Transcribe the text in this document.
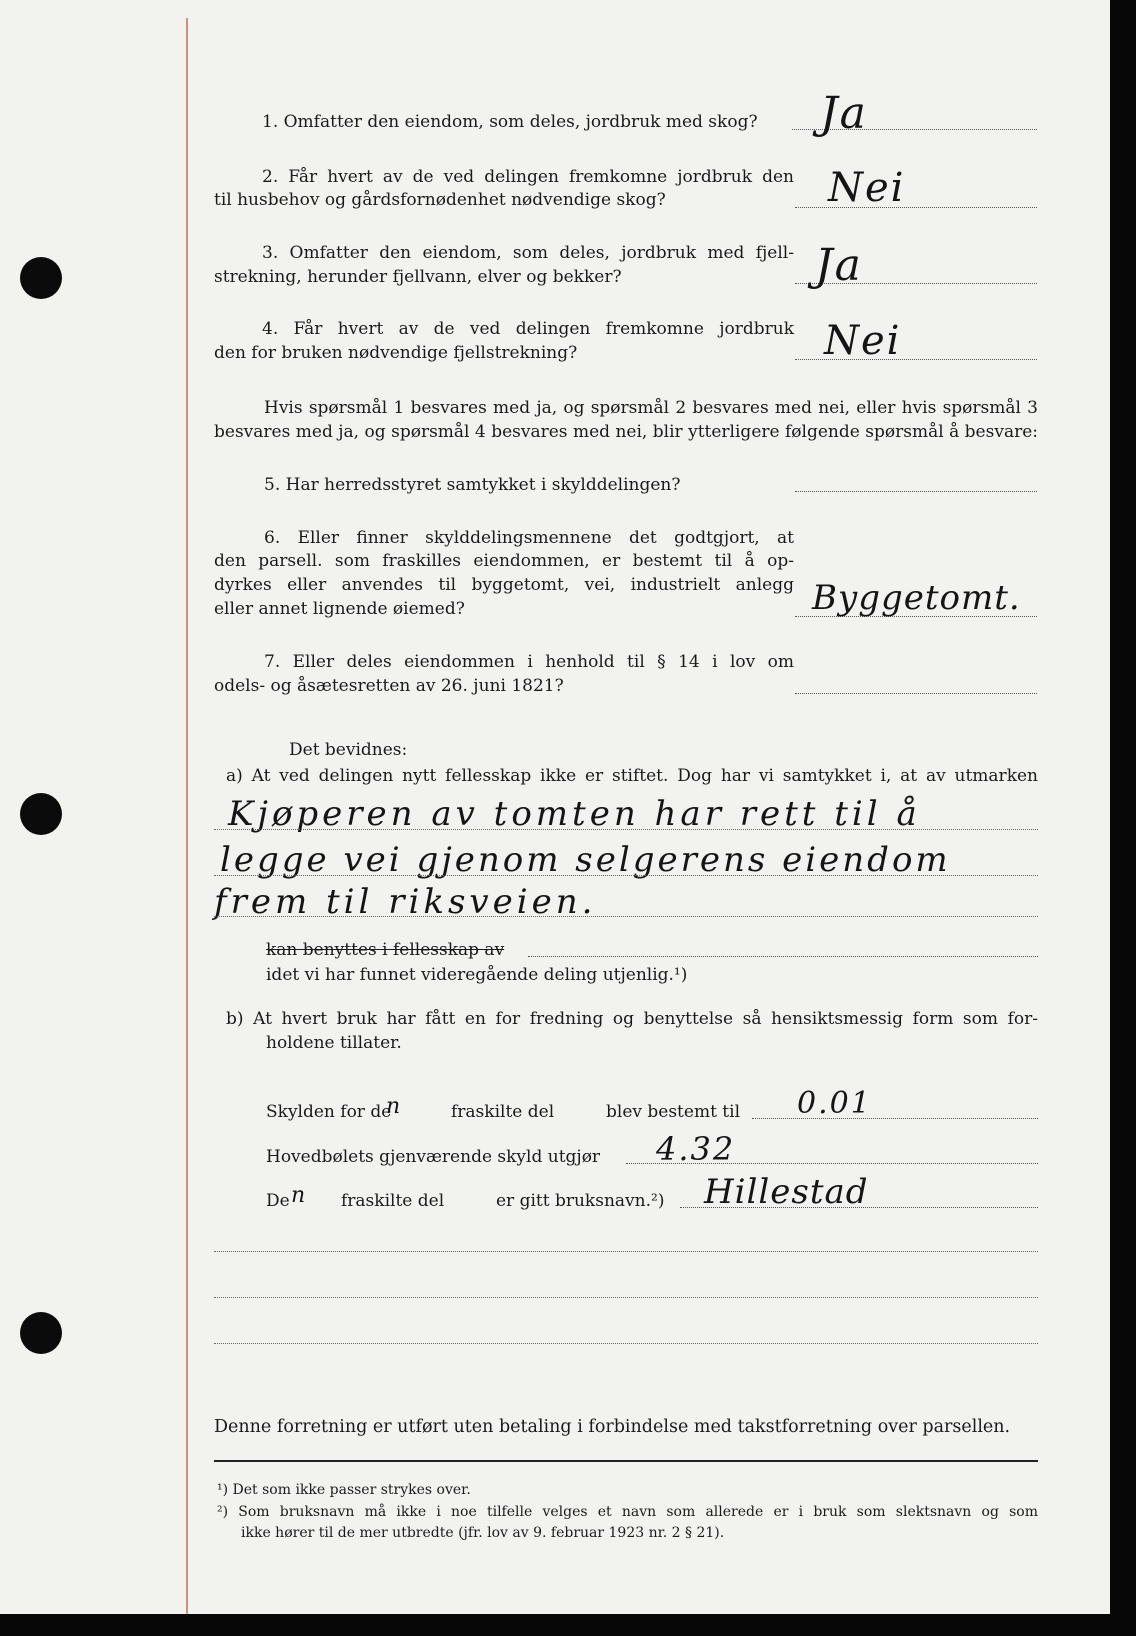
1. Omfatter den eiendom, som deles, jordbruk med skog? Ja
2. Får hvert av de ved delingen fremkomne jordbruk den
til husbehov og gårdsfornødenhet nødvendige skog?	Nei
3. Omfatter den eiendom, som deles, jordbruk med fjell-
strekning, herunder fjellvann, elver og bekker?	Ja
4. Får hvert av de ved delingen fremkomne jordbruk
den for bruken nødvendige fjellstrekning?	Nei
Hvis spørsmål 1 besvares med ja, og spørsmål 2 besvares med nei, eller hvis spørsmål 3
besvares med ja, og spørsmål 4 besvares med nei, blir ytterligere følgende spørsmål å besvare:
5. Har herredsstyret samtykket i skylddelingen?
6. Eller finner skylddelingsmennene det godtgjort, at
den parsell. som fraskilles eiendommen, er bestemt til å op-
dyrkes eller anvendes til byggetomt, vei, industrielt anlegg
eller annet lignende øiemed?	Byggetomt.
7. Eller deles eiendommen i henhold til § 14 i lov om
odels- og åsætesretten av 26. juni 1821?
Det bevidnes:
a) At ved delingen nytt fellesskap ikke er stiftet. Dog har vi samtykket i, at av utmarken
Kjøperen av tomten har rett til å
legge vei gjenom selgerens eiendom
frem til riksveien.
kan benyttes i fellesskap av
idet vi har funnet videregående deling utjenlig.¹)
b) At hvert bruk har fått en for fredning og benyttelse så hensiktsmessig form som for-
holdene tillater.
Skylden for de
n	fraskilte del	blev bestemt til 0.01
Hovedbølets gjenværende skyld utgjør 4.32
De n fraskilte del	er gitt bruksnavn.²) Hillestad
Denne forretning er utført uten betaling i forbindelse med takstforretning over parsellen.
¹) Det som ikke passer strykes over.
²) Som bruksnavn må ikke i noe tilfelle velges et navn som allerede er i bruk som slektsnavn og som
ikke hører til de mer utbredte (jfr. lov av 9. februar 1923 nr. 2 § 21).
